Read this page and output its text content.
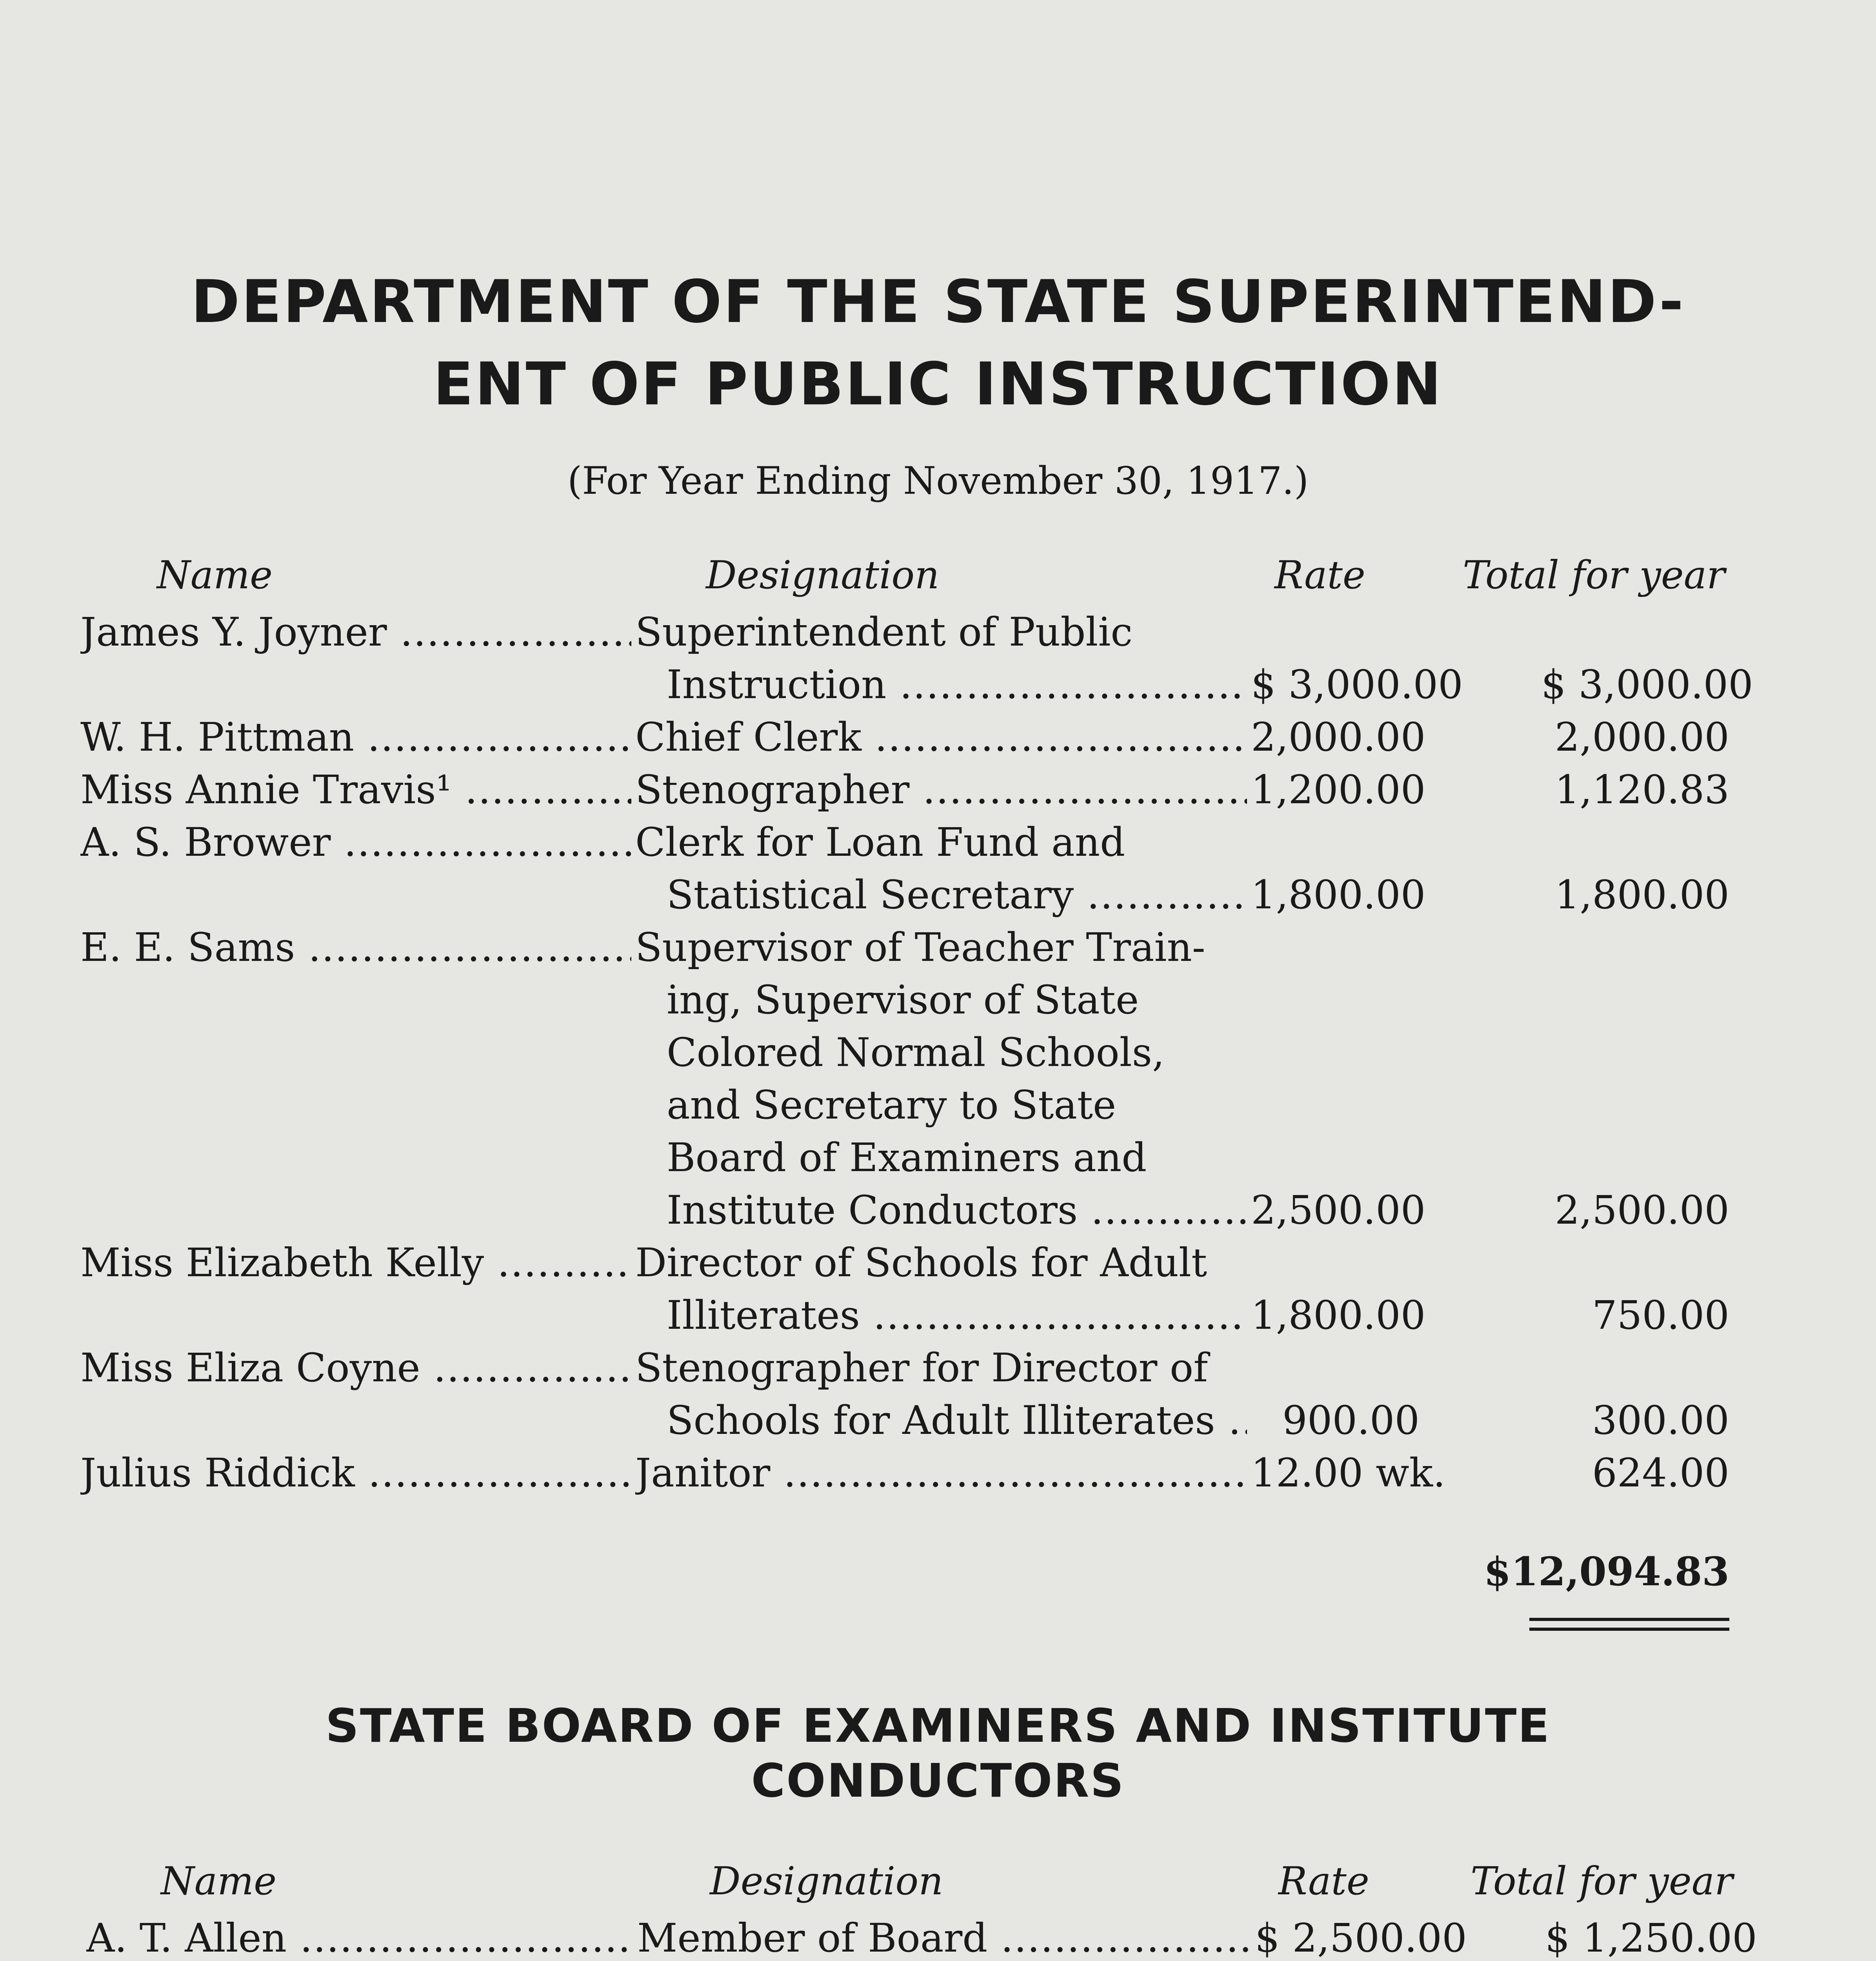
DEPARTMENT OF THE STATE SUPERINTEND-
ENT OF PUBLIC INSTRUCTION
(For Year Ending November 30, 1917.)
Name	Designation	Rate	Total for year
James Y. Joyner .....	Superintendent of Public
Instruction .....	$ 3,000.00 $ 3,000.00
W. H. Pittman .....	Chief Clerk .....	2,000.00	2,000.00
Miss Annie Travis¹ .....	Stenographer .....	1,200.00	1,120.83
A. S. Brower .....	Clerk for Loan Fund and
Statistical Secretary .....	1,800.00	1,800.00
E. E. Sams .....	Supervisor of Teacher Train-
ing, Supervisor of State
Colored Normal Schools,
and Secretary to State
Board of Examiners and
Institute Conductors .....	2,500.00	2,500.00
Miss Elizabeth Kelly .....	Director of Schools for Adult
Illiterates .....	1,800.00	750.00
Miss Eliza Coyne .....	Stenographer for Director of
Schools for Adult Illiterates .....	900.00	300.00
Julius Riddick .....	Janitor .....	12.00 wk.	624.00
$12,094.83
STATE BOARD OF EXAMINERS AND INSTITUTE
CONDUCTORS
Name	Designation	Rate	Total for year
A. T. Allen .....	Member of Board .....	$ 2,500.00 $ 1,250.00
